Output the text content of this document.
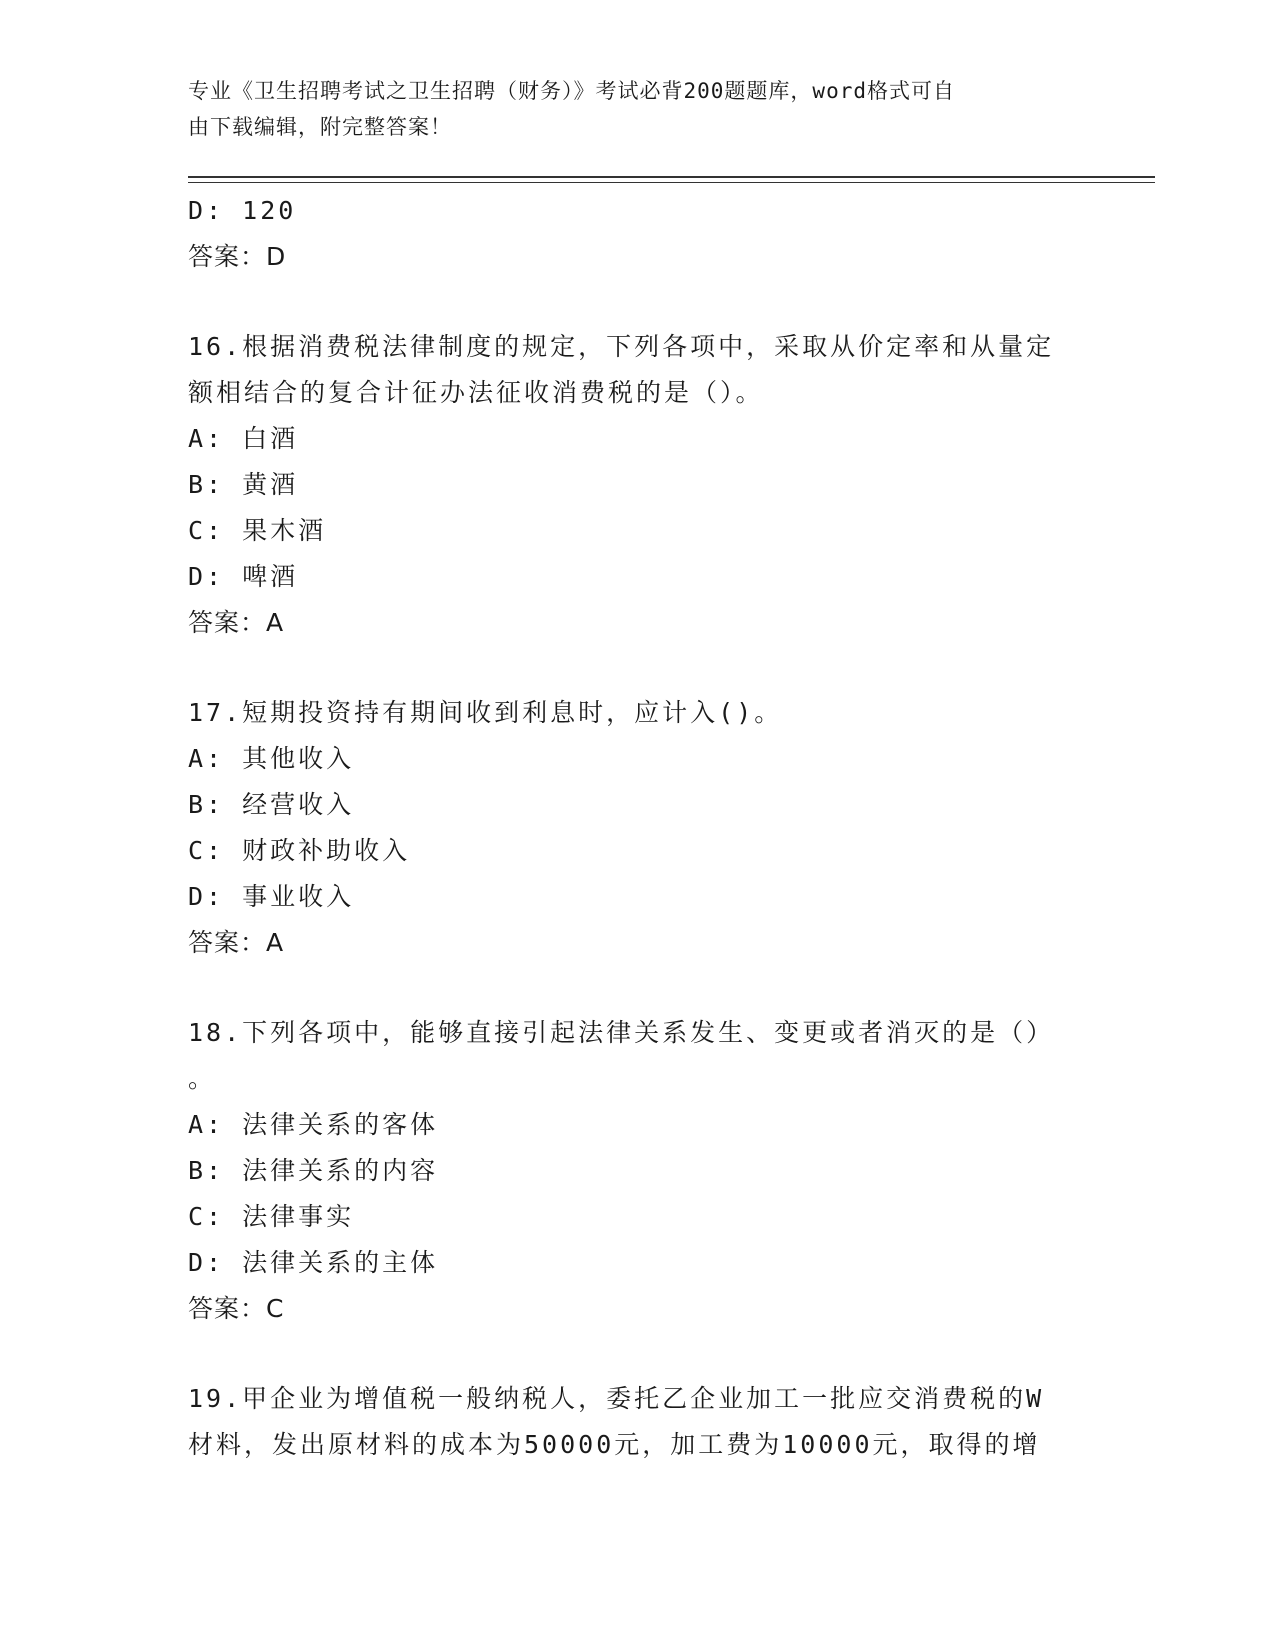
专业《卫生招聘考试之卫生招聘（财务）》考试必背200题题库，word格式可自
由下载编辑，附完整答案！
D: 120
答案：D
16.根据消费税法律制度的规定，下列各项中，采取从价定率和从量定
额相结合的复合计征办法征收消费税的是（）。
A: 白酒
B: 黄酒
C: 果木酒
D: 啤酒
答案：A
17.短期投资持有期间收到利息时，应计入()。
A: 其他收入
B: 经营收入
C: 财政补助收入
D: 事业收入
答案：A
18.下列各项中，能够直接引起法律关系发生、变更或者消灭的是（）
。
A: 法律关系的客体
B: 法律关系的内容
C: 法律事实
D: 法律关系的主体
答案：C
19.甲企业为增值税一般纳税人，委托乙企业加工一批应交消费税的W
材料，发出原材料的成本为50000元，加工费为10000元，取得的增
